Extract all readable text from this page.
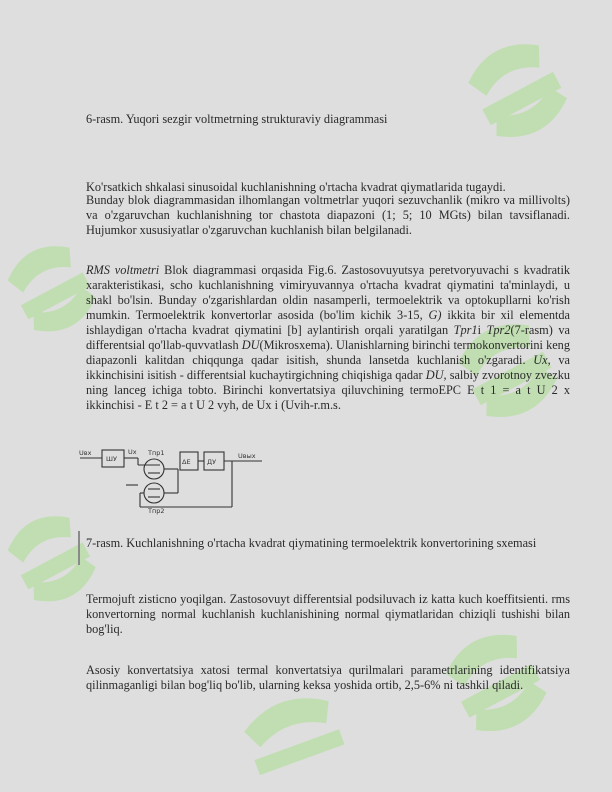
6-rasm. Yuqori sezgir voltmetrning strukturaviy diagrammasi

Ko'rsatkich shkalasi sinusoidal kuchlanishning o'rtacha kvadrat qiymatlarida tugaydi.

Bunday blok diagrammasidan ilhomlangan voltmetrlar yuqori sezuvchanlik (mikro va millivolts) va o'zgaruvchan kuchlanishning tor chastota diapazoni (1; 5; 10 MGts) bilan tavsiflanadi. Hujumkor xususiyatlar o'zgaruvchan kuchlanish bilan belgilanadi.

RMS voltmetri Blok diagrammasi orqasida Fig.6. Zastosovuyutsya peretvoryuvachi s kvadratik xarakteristikasi, scho kuchlanishning vimiryuvannya o'rtacha kvadrat qiymatini ta'minlaydi, u shakl bo'lsin. Bunday o'zgarishlardan oldin nasamperli, termoelektrik va optokupllarni ko'rish mumkin. Termoelektrik konvertorlar asosida (bo'lim kichik 3-15, G) ikkita bir xil elementda ishlaydigan o'rtacha kvadrat qiymatini [b] aylantirish orqali yaratilgan Tpr1i Tpr2(7-rasm) va differentsial qo'llab-quvvatlash DU(Mikrosxema). Ulanishlarning birinchi termokonvertorini keng diapazonli kalitdan chiqqunga qadar isitish, shunda lansetda kuchlanish o'zgaradi. Ux, va ikkinchisini isitish - differentsial kuchaytirgichning chiqishiga qadar DU, salbiy zvorotnoy zvezku ning lanceg ichiga tobto. Birinchi konvertatsiya qiluvchining termoEPC E t 1 = a t U 2 x ikkinchisi - E t 2 = a t U 2 vyh, de Ux i (Uvih-r.m.s.

7-rasm. Kuchlanishning o'rtacha kvadrat qiymatining termoelektrik konvertorining sxemasi

Termojuft zisticno yoqilgan. Zastosovuyt differentsial podsiluvach iz katta kuch koeffitsienti. rms konvertorning normal kuchlanish kuchlanishining normal qiymatlaridan chiziqli tushishi bilan bog'liq.

Asosiy konvertatsiya xatosi termal konvertatsiya qurilmalari parametrlarining identifikatsiya qilinmaganligi bilan bog'liq bo'lib, ularning keksa yoshida ortib, 2,5-6% ni tashkil qiladi.

Uвх
ШУ
Ux Тпр1
Тпр2
ΔЕ	ДУ
Uвых
